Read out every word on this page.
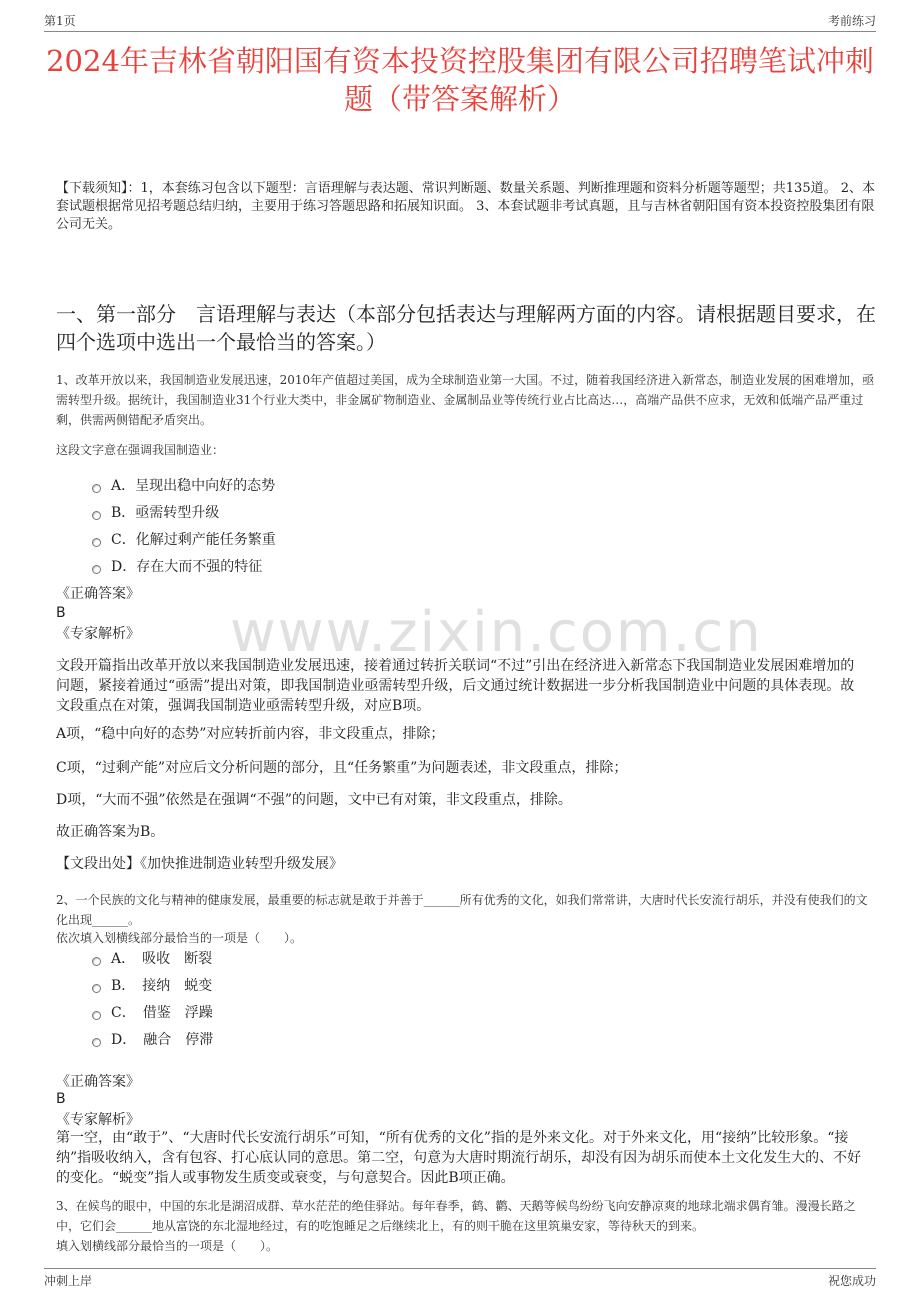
第1页	考前练习
2024年吉林省朝阳国有资本投资控股集团有限公司招聘笔试冲刺题（带答案解析）
【下载须知】：1，本套练习包含以下题型：言语理解与表达题、常识判断题、数量关系题、判断推理题和资料分析题等题型；共135道。 2、本套试题根据常见招考题总结归纳，主要用于练习答题思路和拓展知识面。 3、本套试题非考试真题，且与吉林省朝阳国有资本投资控股集团有限公司无关。
一、第一部分　言语理解与表达（本部分包括表达与理解两方面的内容。请根据题目要求，在四个选项中选出一个最恰当的答案。）
www.zixin.com.cn
1、改革开放以来，我国制造业发展迅速，2010年产值超过美国，成为全球制造业第一大国。不过，随着我国经济进入新常态，制造业发展的困难增加，亟需转型升级。据统计，我国制造业31个行业大类中，非金属矿物制造业、金属制品业等传统行业占比高达…，高端产品供不应求，无效和低端产品严重过剩，供需两侧错配矛盾突出。
这段文字意在强调我国制造业：
A．呈现出稳中向好的态势
B．亟需转型升级
C．化解过剩产能任务繁重
D．存在大而不强的特征
《正确答案》
B
《专家解析》
文段开篇指出改革开放以来我国制造业发展迅速，接着通过转折关联词“不过”引出在经济进入新常态下我国制造业发展困难增加的问题，紧接着通过“亟需”提出对策，即我国制造业亟需转型升级，后文通过统计数据进一步分析我国制造业中问题的具体表现。故文段重点在对策，强调我国制造业亟需转型升级，对应B项。
A项，“稳中向好的态势”对应转折前内容，非文段重点，排除；
C项，“过剩产能”对应后文分析问题的部分，且“任务繁重”为问题表述，非文段重点，排除；
D项，“大而不强”依然是在强调“不强”的问题，文中已有对策，非文段重点，排除。
故正确答案为B。
【文段出处】《加快推进制造业转型升级发展》
2、一个民族的文化与精神的健康发展，最重要的标志就是敢于并善于______所有优秀的文化，如我们常常讲，大唐时代长安流行胡乐，并没有使我们的文化出现______。
依次填入划横线部分最恰当的一项是（　　）。
A．　吸收　断裂
B．　接纳　蜕变
C．　借鉴　浮躁
D．　融合　停滞
《正确答案》
B
《专家解析》
第一空，由“敢于”、“大唐时代长安流行胡乐”可知，“所有优秀的文化”指的是外来文化。对于外来文化，用“接纳”比较形象。“接纳”指吸收纳入，含有包容、打心底认同的意思。第二空，句意为大唐时期流行胡乐，却没有因为胡乐而使本土文化发生大的、不好的变化。“蜕变”指人或事物发生质变或衰变，与句意契合。因此B项正确。
3、在候鸟的眼中，中国的东北是湖沼成群、草水茫茫的绝佳驿站。每年春季，鹤、鹳、天鹅等候鸟纷纷飞向安静凉爽的地球北端求偶育雏。漫漫长路之中，它们会______地从富饶的东北湿地经过，有的吃饱睡足之后继续北上，有的则干脆在这里筑巢安家，等待秋天的到来。
填入划横线部分最恰当的一项是（　　）。
冲刺上岸	祝您成功
